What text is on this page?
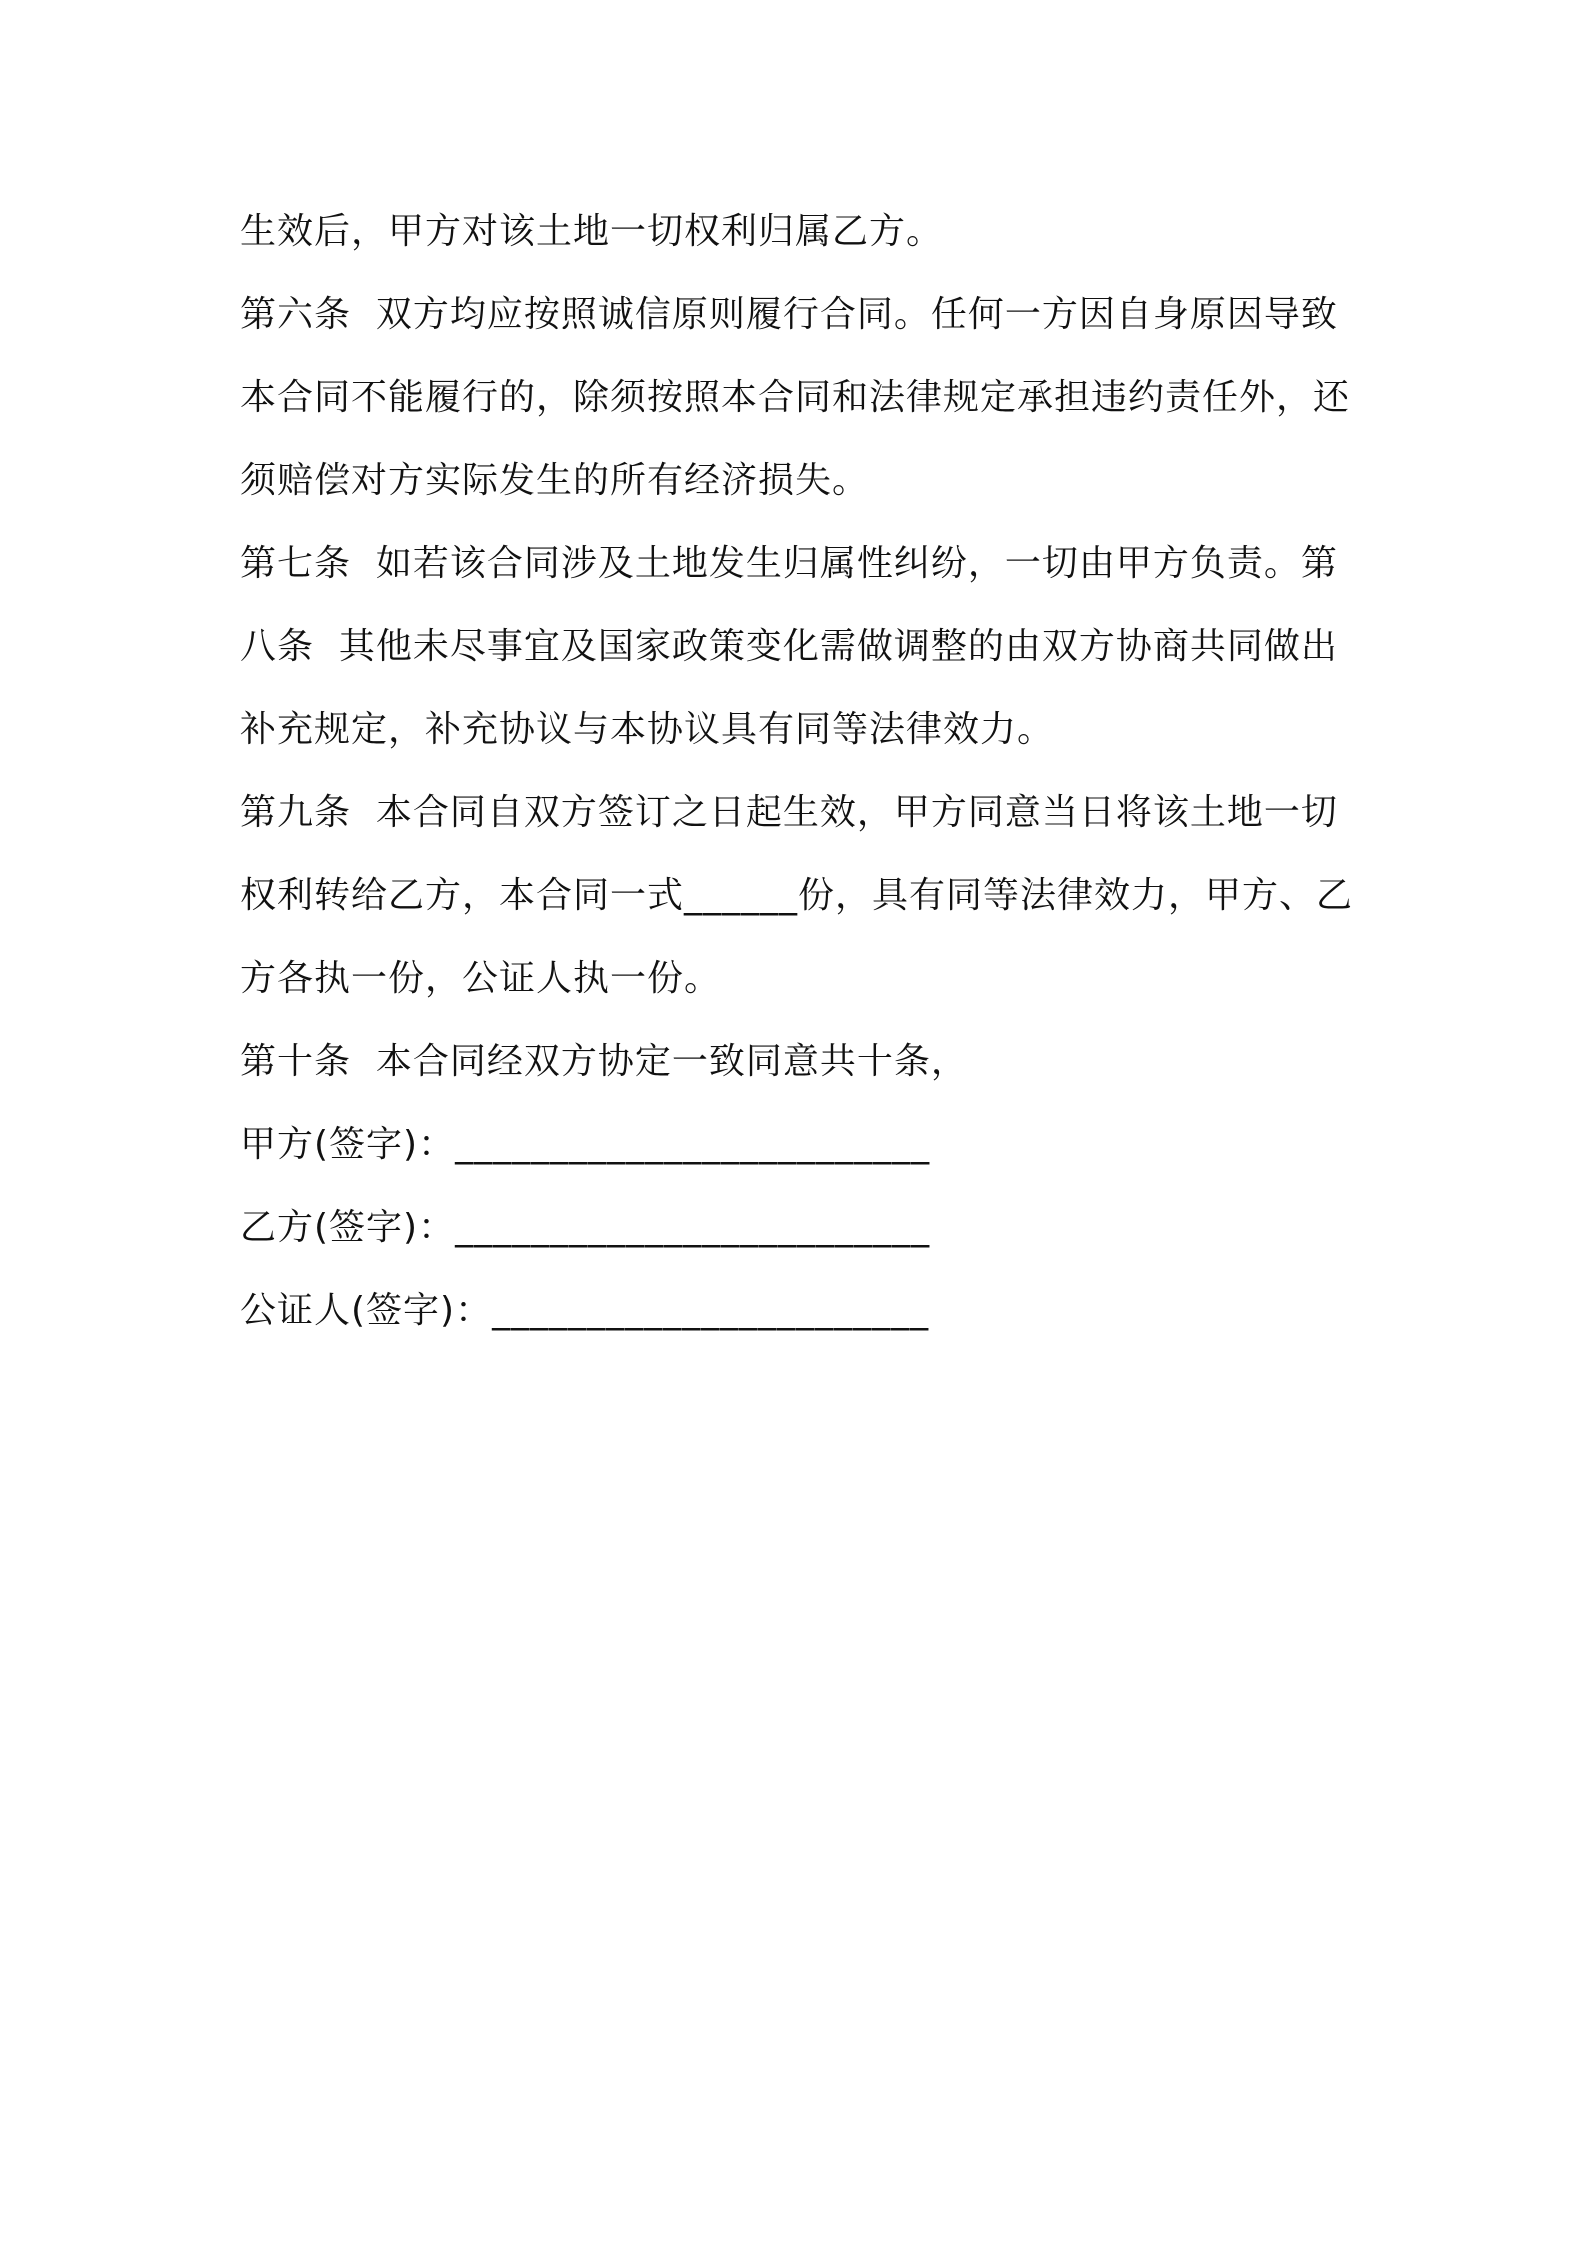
生效后，甲方对该土地一切权利归属乙方。

第六条  双方均应按照诚信原则履行合同。任何一方因自身原因导致本合同不能履行的，除须按照本合同和法律规定承担违约责任外，还须赔偿对方实际发生的所有经济损失。

第七条  如若该合同涉及土地发生归属性纠纷，一切由甲方负责。第八条  其他未尽事宜及国家政策变化需做调整的由双方协商共同做出补充规定，补充协议与本协议具有同等法律效力。

第九条  本合同自双方签订之日起生效，甲方同意当日将该土地一切权利转给乙方，本合同一式______份，具有同等法律效力，甲方、乙方各执一份，公证人执一份。

第十条  本合同经双方协定一致同意共十条，

甲方(签字)：_________________________

乙方(签字)：_________________________

公证人(签字)：_______________________
